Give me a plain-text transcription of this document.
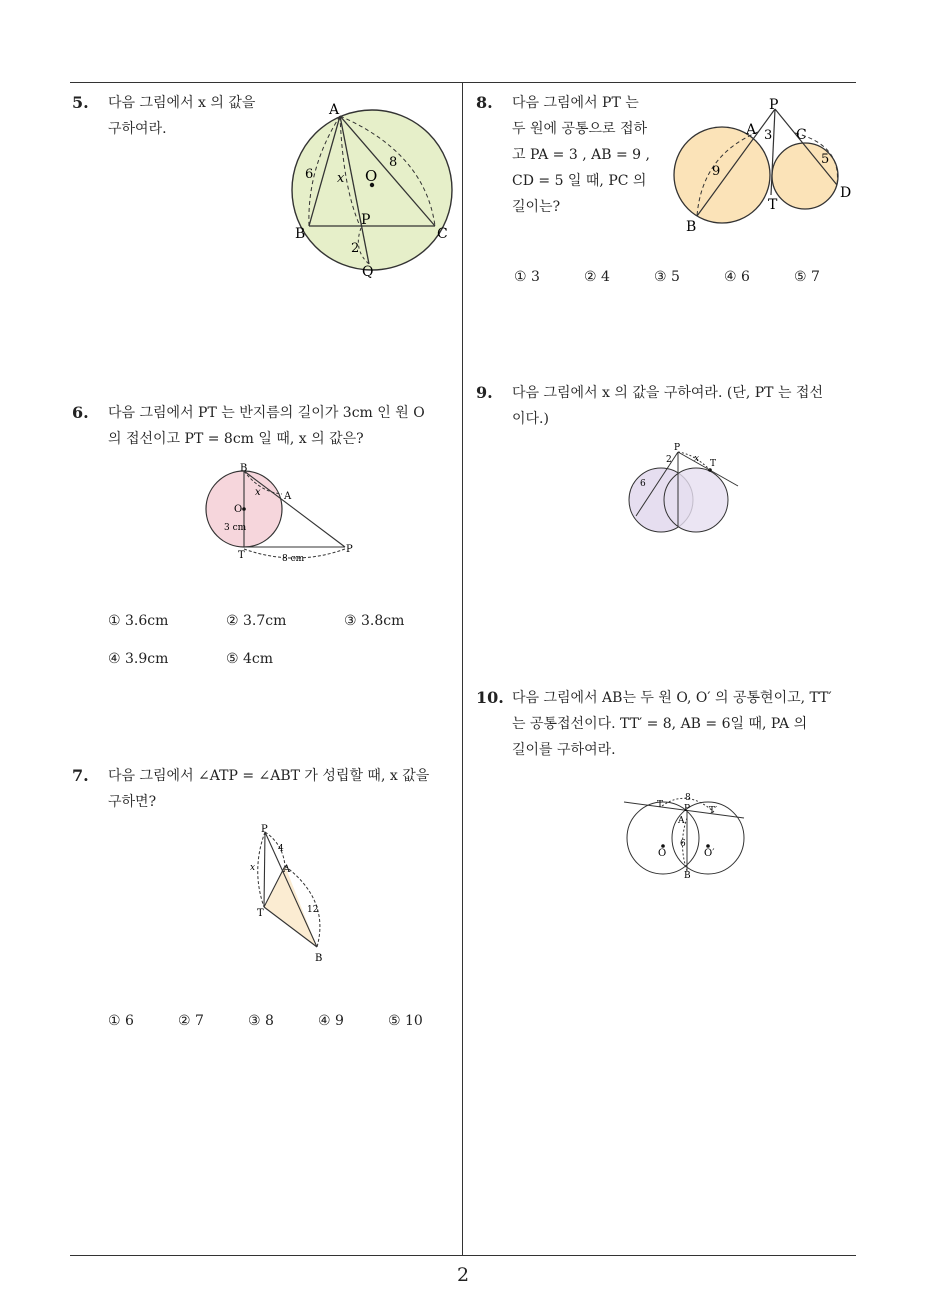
2
5. 다음 그림에서 x 의 값을
구하여라.
A
B	C
O
P
Q
6
8
x
2
6. 다음 그림에서 PT 는 반지름의 길이가 3cm 인 원 O
의 접선이고 PT = 8cm 일 때, x 의 값은?
B
A
O
T
P
x
3 cm
8 cm
① 3.6cm	② 3.7cm	③ 3.8cm
④ 3.9cm	⑤ 4cm
7. 다음 그림에서 ∠ATP = ∠ABT 가 성립할 때, x 값을
구하면?
P
A
T
B
4
x
12
① 6	② 7	③ 8	④ 9	⑤ 10
8. 다음 그림에서 PT 는
두 원에 공통으로 접하
고 PA = 3 , AB = 9 ,
CD = 5 일 때, PC 의
길이는?
P
A	C
B
T
D
3
9
5
① 3	② 4	③ 5	④ 6	⑤ 7
9. 다음 그림에서 x 의 값을 구하여라. (단, PT 는 접선
이다.)
P
T
2 x
6
10. 다음 그림에서 AB는 두 원 O, O′ 의 공통현이고, TT′
는 공통접선이다. TT′ = 8, AB = 6일 때, PA 의
길이를 구하여라.
T
T′
P
A
B
O	O′
8
6
